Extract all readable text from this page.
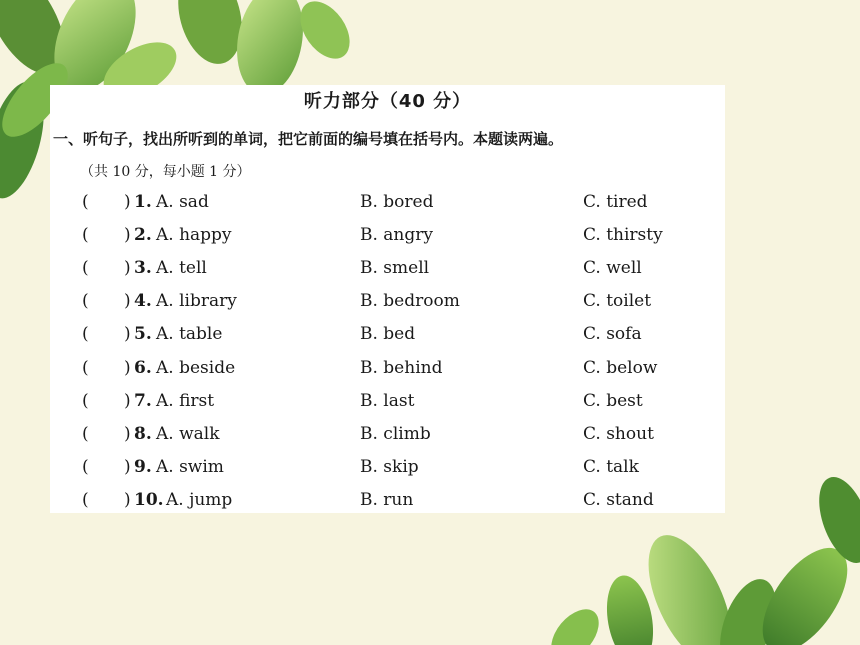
听力部分（40 分）
一、听句子，找出所听到的单词，把它前面的编号填在括号内。本题读两遍。
（共 10 分，每小题 1 分）
( ) 1. A. sad	B. bored	C. tired
( ) 2. A. happy	B. angry	C. thirsty
( ) 3. A. tell	B. smell	C. well
( ) 4. A. library	B. bedroom	C. toilet
( ) 5. A. table	B. bed	C. sofa
( ) 6. A. beside	B. behind	C. below
( ) 7. A. first	B. last	C. best
( ) 8. A. walk	B. climb	C. shout
( ) 9. A. swim	B. skip	C. talk
( ) 10. A. jump	B. run	C. stand
